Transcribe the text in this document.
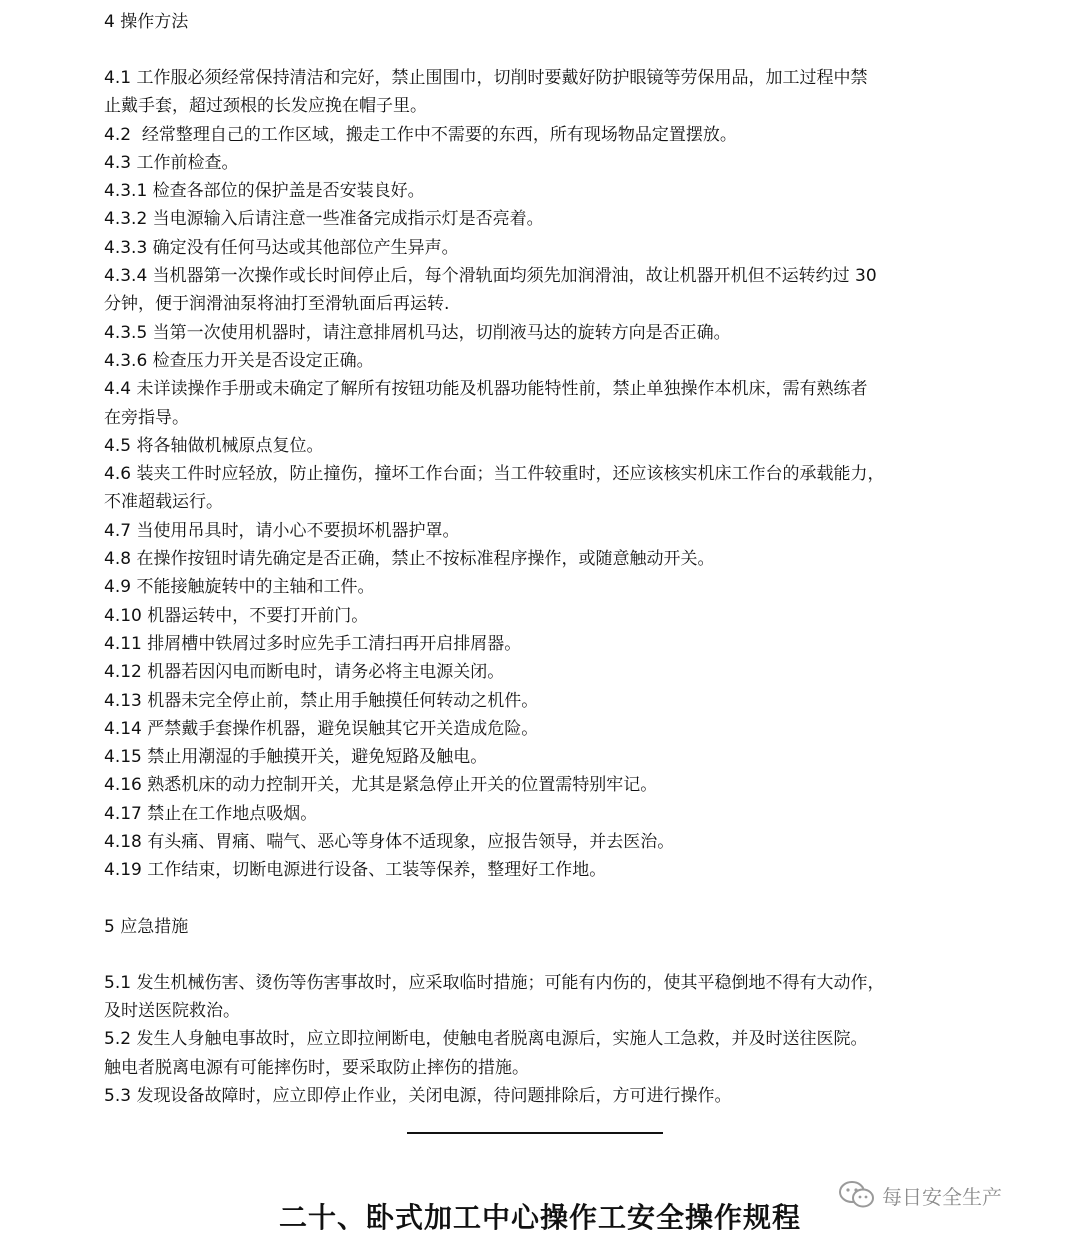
4 操作方法

4.1 工作服必须经常保持清洁和完好，禁止围围巾，切削时要戴好防护眼镜等劳保用品，加工过程中禁

止戴手套，超过颈根的长发应挽在帽子里。

4.2  经常整理自己的工作区域，搬走工作中不需要的东西，所有现场物品定置摆放。

4.3 工作前检查。

4.3.1 检查各部位的保护盖是否安装良好。

4.3.2 当电源输入后请注意一些准备完成指示灯是否亮着。

4.3.3 确定没有任何马达或其他部位产生异声。

4.3.4 当机器第一次操作或长时间停止后，每个滑轨面均须先加润滑油，故让机器开机但不运转约过 30

分钟，便于润滑油泵将油打至滑轨面后再运转.

4.3.5 当第一次使用机器时，请注意排屑机马达，切削液马达的旋转方向是否正确。

4.3.6 检查压力开关是否设定正确。

4.4 未详读操作手册或未确定了解所有按钮功能及机器功能特性前，禁止单独操作本机床，需有熟练者

在旁指导。

4.5 将各轴做机械原点复位。

4.6 装夹工件时应轻放，防止撞伤，撞坏工作台面；当工件较重时，还应该核实机床工作台的承载能力，

不准超载运行。

4.7 当使用吊具时，请小心不要损坏机器护罩。

4.8 在操作按钮时请先确定是否正确，禁止不按标准程序操作，或随意触动开关。

4.9 不能接触旋转中的主轴和工件。

4.10 机器运转中，不要打开前门。

4.11 排屑槽中铁屑过多时应先手工清扫再开启排屑器。

4.12 机器若因闪电而断电时，请务必将主电源关闭。

4.13 机器未完全停止前，禁止用手触摸任何转动之机件。

4.14 严禁戴手套操作机器，避免误触其它开关造成危险。

4.15 禁止用潮湿的手触摸开关，避免短路及触电。

4.16 熟悉机床的动力控制开关，尤其是紧急停止开关的位置需特别牢记。

4.17 禁止在工作地点吸烟。

4.18 有头痛、胃痛、喘气、恶心等身体不适现象，应报告领导，并去医治。

4.19 工作结束，切断电源进行设备、工装等保养，整理好工作地。

5 应急措施

5.1 发生机械伤害、烫伤等伤害事故时，应采取临时措施；可能有内伤的，使其平稳倒地不得有大动作，

及时送医院救治。

5.2 发生人身触电事故时，应立即拉闸断电，使触电者脱离电源后，实施人工急救，并及时送往医院。

触电者脱离电源有可能摔伤时，要采取防止摔伤的措施。

5.3 发现设备故障时，应立即停止作业，关闭电源，待问题排除后，方可进行操作。

每日安全生产
二十、卧式加工中心操作工安全操作规程
